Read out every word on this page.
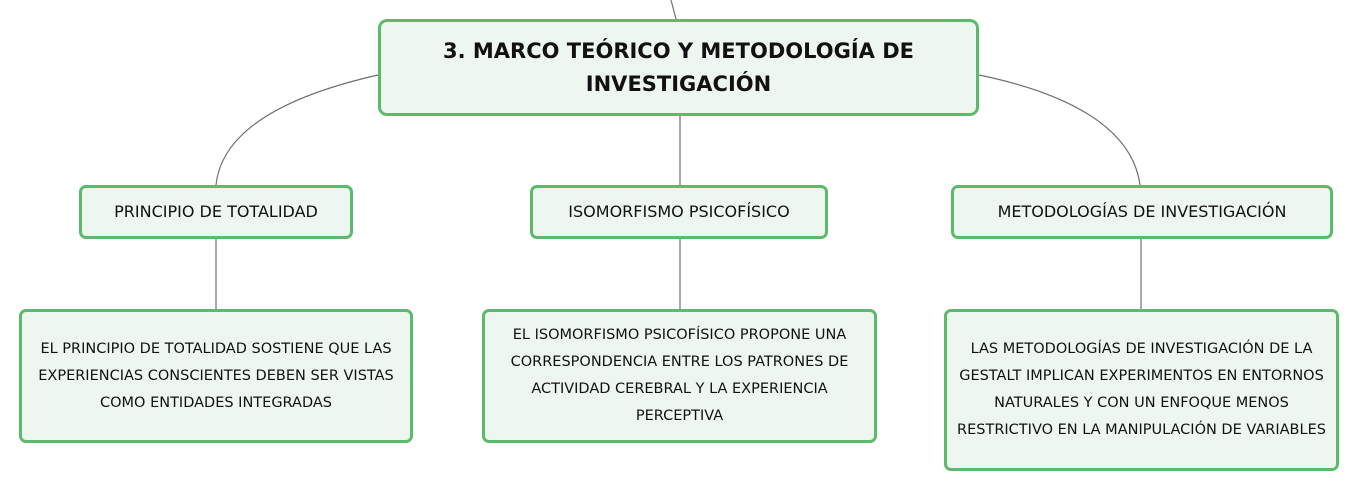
3. MARCO TEÓRICO Y METODOLOGÍA DE INVESTIGACIÓN
PRINCIPIO DE TOTALIDAD	ISOMORFISMO PSICOFÍSICO	METODOLOGÍAS DE INVESTIGACIÓN
EL PRINCIPIO DE TOTALIDAD SOSTIENE QUE LAS EXPERIENCIAS CONSCIENTES DEBEN SER VISTAS COMO ENTIDADES INTEGRADAS
EL ISOMORFISMO PSICOFÍSICO PROPONE UNA CORRESPONDENCIA ENTRE LOS PATRONES DE ACTIVIDAD CEREBRAL Y LA EXPERIENCIA PERCEPTIVA
LAS METODOLOGÍAS DE INVESTIGACIÓN DE LA GESTALT IMPLICAN EXPERIMENTOS EN ENTORNOS NATURALES Y CON UN ENFOQUE MENOS RESTRICTIVO EN LA MANIPULACIÓN DE VARIABLES
